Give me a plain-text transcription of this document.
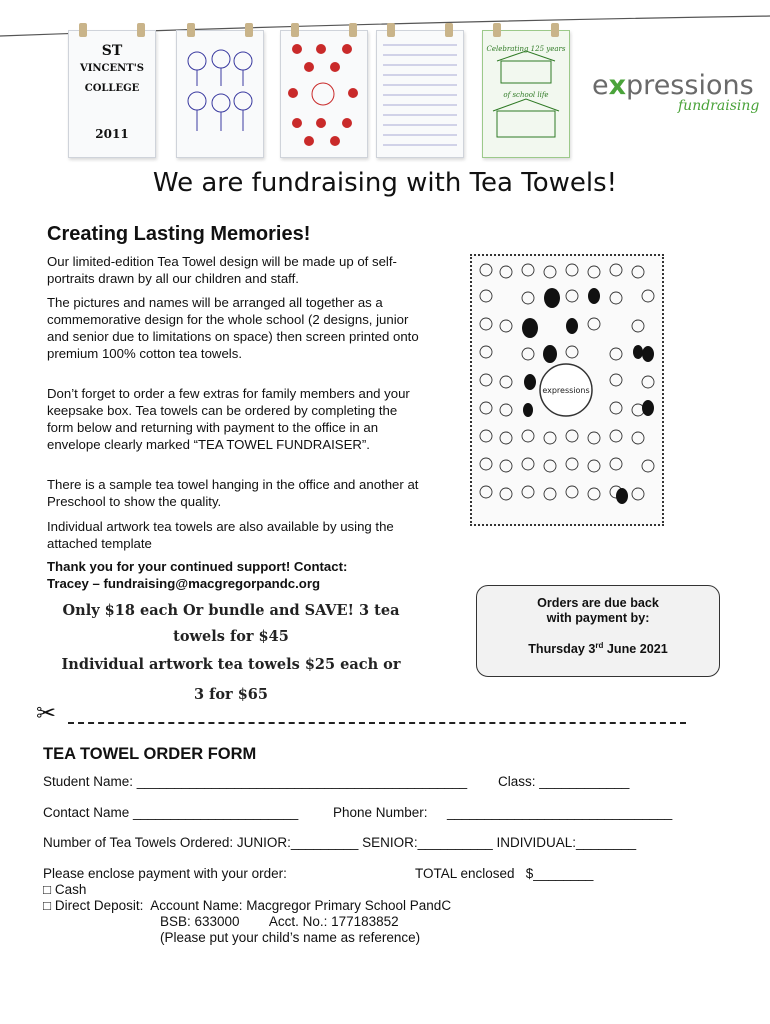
ST
VINCENT'S
COLLEGE
2011
Celebrating 125 years
of school life	expressions
fundraising
We are fundraising with Tea Towels!
Creating Lasting Memories!

Our limited-edition Tea Towel design will be made up of self-portraits drawn by all our children and staff.

The pictures and names will be arranged all together as a commemorative design for the whole school (2 designs, junior and senior due to limitations on space) then screen printed onto premium 100% cotton tea towels.

Don’t forget to order a few extras for family members and your keepsake box. Tea towels can be ordered by completing the form below and returning with payment to the office in an envelope clearly marked “TEA TOWEL FUNDRAISER”.

There is a sample tea towel hanging in the office and another at Preschool to show the quality.

Individual artwork tea towels are also available by using the attached template

Thank you for your continued support! Contact:
Tracey – fundraising@macgregorpandc.org
Only $18 each Or bundle and SAVE! 3 tea
towels for $45
Individual artwork tea towels $25 each or
3 for $65
expressions
Orders are due back
with payment by:
Thursday 3rd June 2021
✂
TEA TOWEL ORDER FORM
Student Name: ____________________________________________ Class: ____________
Contact Name ______________________	Phone Number: ______________________________
Number of Tea Towels Ordered: JUNIOR:_________ SENIOR:__________ INDIVIDUAL:________
Please enclose payment with your order:	TOTAL enclosed   $________
□ Cash
□ Direct Deposit:  Account Name: Macgregor Primary School PandC
BSB: 633000        Acct. No.: 177183852
(Please put your child’s name as reference)
